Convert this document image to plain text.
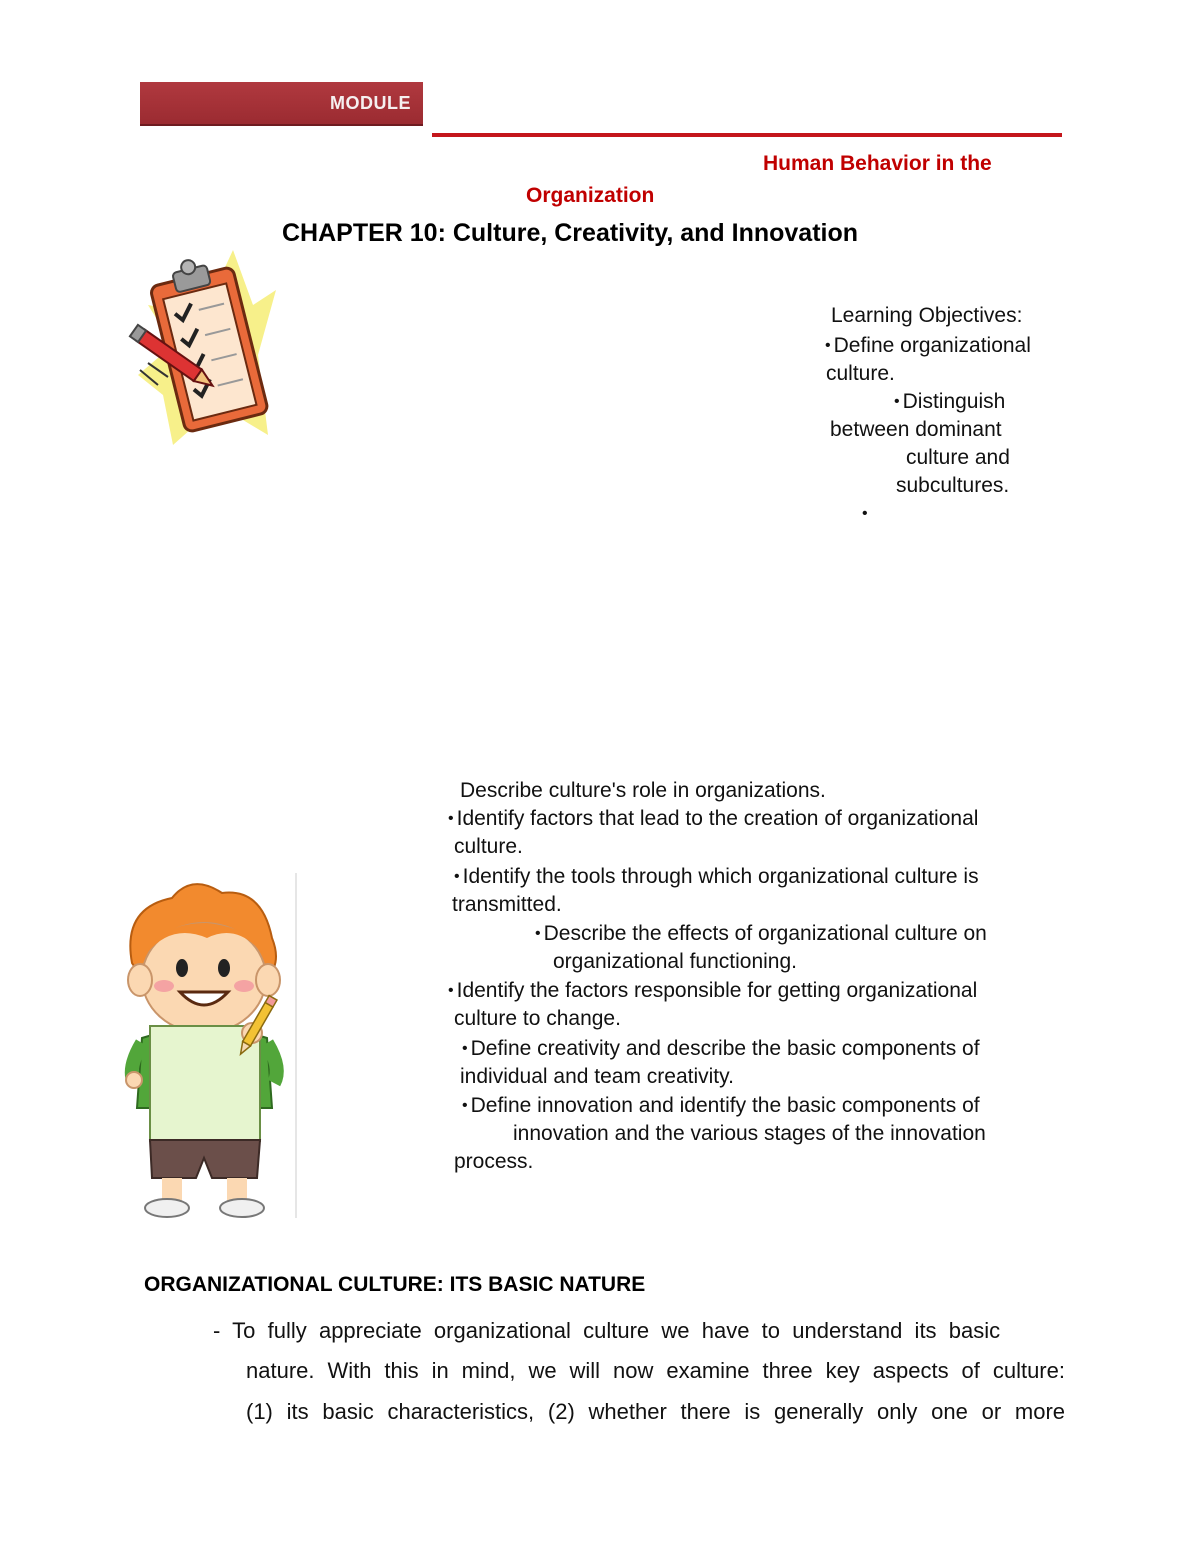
MODULE
Human Behavior in the
Organization
CHAPTER 10: Culture, Creativity, and Innovation
Learning Objectives:
• Define organizational
culture.
• Distinguish
between dominant
culture and
subcultures.
•
Describe culture's role in organizations.
• Identify factors that lead to the creation of organizational
culture.
• Identify the tools through which organizational culture is
transmitted.
• Describe the effects of organizational culture on
organizational functioning.
• Identify the factors responsible for getting organizational
culture to change.
• Define creativity and describe the basic components of
individual and team creativity.
• Define innovation and identify the basic components of
innovation and the various stages of the innovation
process.
ORGANIZATIONAL CULTURE: ITS BASIC NATURE
-  To  fully  appreciate  organizational  culture  we  have  to  understand  its  basic
nature. With this in mind, we will now examine three key aspects of culture:
(1) its basic characteristics, (2) whether there is generally only one or more
